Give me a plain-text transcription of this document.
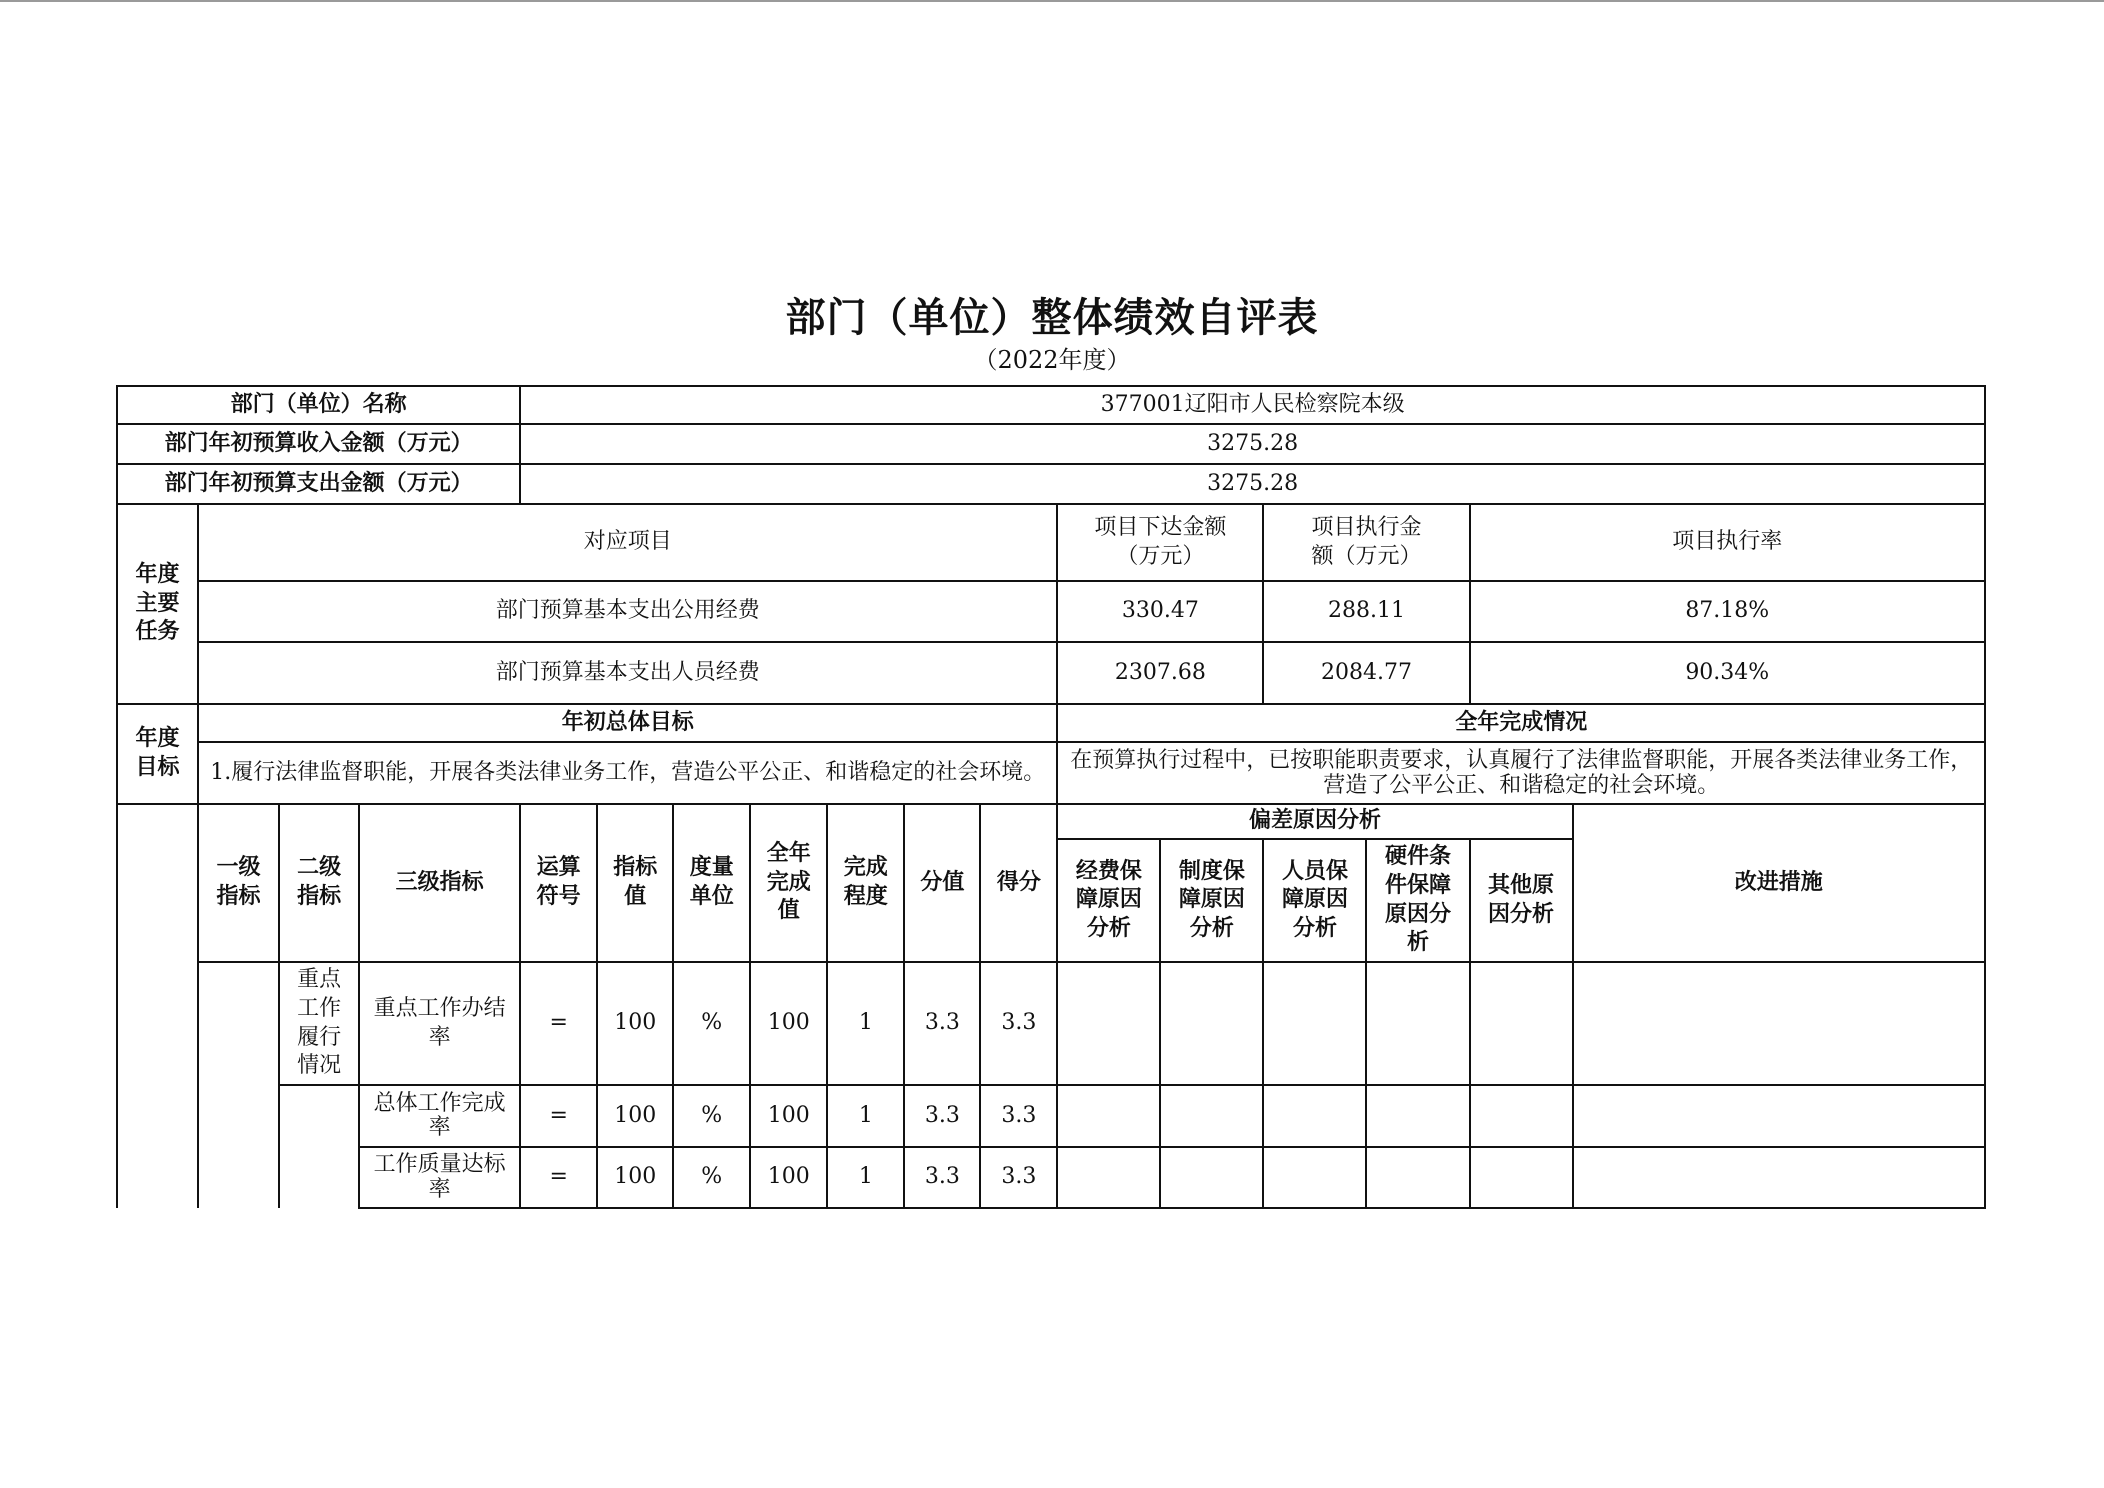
部门（单位）整体绩效自评表
（2022年度）
部门（单位）名称				377001辽阳市人民检察院本级												
部门年初预算收入金额（万元）				3275.28												
部门年初预算支出金额（万元）				3275.28												
年度主要任务	对应项目										项目下达金额（万元）		项目执行金额（万元）		项目执行率	
	部门预算基本支出公用经费										330.47		288.11		87.18%	
	部门预算基本支出人员经费										2307.68		2084.77		90.34%	
年度目标	年初总体目标										全年完成情况					
	1.履行法律监督职能，开展各类法律业务工作，营造公平公正、和谐稳定的社会环境。										在预算执行过程中，已按职能职责要求，认真履行了法律监督职能，开展各类法律业务工作，营造了公平公正、和谐稳定的社会环境。					
	一级指标	二级指标	三级指标	运算符号	指标值	度量单位	全年完成值	完成程度	分值	得分	偏差原因分析					改进措施
											经费保障原因分析	制度保障原因分析	人员保障原因分析	硬件条件保障原因分析	其他原因分析	
		重点工作履行情况	重点工作办结率	=	100	%	100	1	3.3	3.3						
			总体工作完成率	=	100	%	100	1	3.3	3.3						
			工作质量达标率	=	100	%	100	1	3.3	3.3						
